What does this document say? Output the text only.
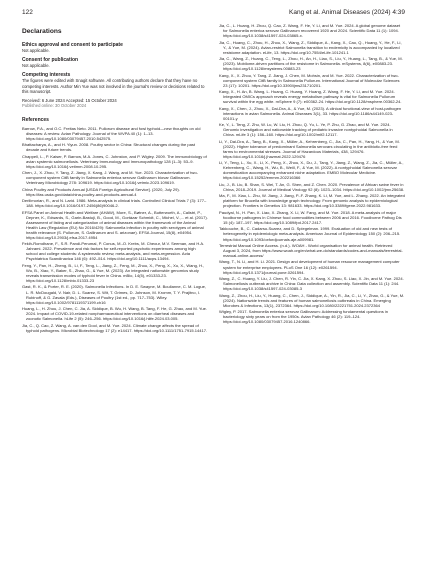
122	Kang et al. Animal Diseases (2024) 4:39
Declarations
Ethics approval and consent to participate
Not applicable.
Consent for publication
Not applicable.
Competing interests
The figures were edited with Snagit software. All contributing authors declare that they have no competing interests. Author Min Yue was not involved in the journal's review or decisions related to this manuscript.
Received: 6 June 2024 Accepted: 15 October 2024
Published online: 30 October 2024
References
Barrow, P.A., and O.C. Freitas Neto. 2011. Pullorum disease and fowl typhoid—new thoughts on old diseases: A review. Avian Pathology: Journal of the WVPA 40 (1): 1–13. https://doi.org/10.1080/03079457.2010.542575.
Bhattacharya, A., and H. Yiyun. 2008. Poultry sector in China: Structural changes during the past decade and future trends.
Chappell, L., P. Kaiser, P. Barrow, M.A. Jones, C. Johnston, and P. Wigley. 2009. The immunobiology of avian systemic salmonellosis. Veterinary Immunology and Immunopathology 128 (1–3): 53–9. https://doi.org/10.1016/j.vetimm.2008.10.295.
Chen, J., X. Zhou, Y. Tang, Z. Jiang, X. Kang, J. Wang, and M. Yue. 2023. Characterization of two-component system CitB family in Salmonella enterica serovar Gallinarum biovar Gallinarum. Veterinary Microbiology 278: 109619. https://doi.org/10.1016/j.vetmic.2023.109619.
China Poultry and Products Annual [USDA Foreign Agricultural Service]. (2020, July 29). https://fas.usda.gov/data/china-poultry-and-products-annual-4
Derilimorian, R., and N. Larid. 1986. Meta-analysis in clinical trials. Controlled Clinical Trials 7 (3): 177–188. https://doi.org/10.1016/0197-2456(86)90046-2.
EFSA Panel on Animal Health and Welfare (AHAW), More, S., Bøtner, A., Butterworth, A., Calistri, P., Depner, K., Edwards, S., Garin-Bastuji, B., Good, M., Gortázar Schmidt, C., Michel, V.,... et al. (2017). Assessment of listing and categorization of animal diseases within the framework of the Animal Health Law (Regulation (EU) No 2016/429): Salmonella infection in poultry with serotypes of animal health relevance (S. Pullorum, S. Gallinarum and S. arizonae). EFSA Journal, 15(8), e04954. https://doi.org/10.2903/j.efsa.2017.4954
Fekih-Romdhane, F., S.R. Pandi-Perumal, P. Conus, M.-O. Krebs, M. Cheour, M.V. Seeman, and H.A. Jahrami. 2022. Prevalence and risk factors for self-reported psychotic experiences among high school and college students: A systematic review, meta-analysis, and meta-regression. Acta Psychiatrica Scandinavica 146 (6): 492–514. https://doi.org/10.1111/acps.13494.
Feng, Y., Pan, H., Zheng, B., Li, F., Teng, L., Jiang, Z., Feng, M., Zhou, X., Peng, X., Xu, X., Wang, H., Wu, B., Xiao, Y., Baker, S., Zhao, G., & Yue, M. (2023). An integrated nationwide genomics study reveals transmission modes of typhoid fever in China. mBio, 14(5), e01333-23. https://doi.org/10.1128/mbio.01333-23
Gast, R. K., & Porter, R. E. (2020). Salmonella Infections. In D. E. Swayne, M. Boulianne, C. M. Logue, L. R. McDougald, V. Nair, D. L. Suarez, S. Wit, T. Grimes, D. Johnson, M. Kromm, T. Y. Prajitno, I. Rubinoff, & G. Zavala (Eds.), Diseases of Poultry (1st ed., pp. 717–753). Wiley. https://doi.org/10.1002/9781119371199.ch16
Huang, L., H. Zhou, J. Chen, C. Jia, A. Siddique, B. Wu, H. Wang, B. Tang, F. He, G. Zhao, and M. Yue. 2024. Impact of COVID-19-related nonpharmaceutical interventions on diarrheal diseases and zoonotic Salmonella. hLife 2 (5): 246–256. https://doi.org/10.1016/j.hlife.2024.03.005.
Jia, C., Q. Cao, Z. Wang, A. van den Dool, and M. Yue. 2024. Climate change affects the spread of typhoid pathogens. Microbial Biotechnology 17 (2): e14417. https://doi.org/10.1111/1751-7915.14417.
Jia, C., L. Huang, H. Zhou, Q. Cao, Z. Wang, F. He, Y. Li, and M. Yue. 2024. A global genome dataset for Salmonella enterica serovar Gallinarum recovered 1920 and 2024. Scientific Data 11 (1): 1094. https://doi.org/10.1038/s41597-024-03865-x.
Jia, C., Huang, C., Zhou, H., Zhou, X., Wang, Z., Siddique, A., Kang, X., Cao, Q., Huang, Y., He, F., Li, Y., & Yue, M. (2024). Avian-restrict Salmonella transition to endemicity is accompanied by localized resistome adaptation. eLife, 13. https://doi.org/10.7554/eLife.101241.1
Jia, C., Wang, Z., Huang, C., Teng, L., Zhou, H., An, H., Liao, S., Liu, Y., Huang, L., Tang, B., & Yue, M. (2023). Mobilome-driven partitions of the resistome in Salmonella. mSystems, 8(6), e00883-23. https://doi.org/10.1128/msystems.00883-23
Kang, X., X. Zhou, Y. Tang, Z. Jiang, J. Chen, M. Mohsin, and M. Yue. 2022. Characterization of two-component system CitB family in Salmonella Pullorum. International Journal of Molecular Sciences 23 (17): 10201. https://doi.org/10.3390/ijms231710201.
Kang, X., H. An, B. Wang, L. Huang, C. Huang, Y. Huang, Z. Wang, F. He, Y. Li, and M. Yue. 2024. Integrated OMICs approach reveals energy metabolism pathway is vital for Salmonella Pullorum survival within the egg white. mSphere 9 (7): e00362-24. https://doi.org/10.1128/msphere.00362-24.
Kang, X., Chen, J., Zhou, X., Dai-Dra, A., & Yue, M. (2023). A clinical functional-view of host-pathogen interactions in avian Salmonella. Animal Diseases 3(1), 33. https://doi.org/10.1186/s44149-023-00101-y
Ke, Y., L. Teng, Z. Zhu, W. Lu, W. Liu, H. Zhou, Q. Yu, L. Ye, P. Zhu, G. Zhao, and M. Yue. 2024. Genomic investigation and nationwide tracking of pediatric invasive nontyphoidal Salmonella in China. mLife 3 (1): 156–160. https://doi.org/10.1002/mlf2.12117.
Li, Y., Dai-Dra, A., Tang, B., Kang, X., Müller, A., Kehrenberg, C., Jia, C., Pan, H., Yang, H., & Yue, M. (2022). Higher tolerance of predominant Salmonella serovars circulating in the antibiotic-free feed farms to environmental stresses. Journal of Hazardous Materials, 438, 129476. https://doi.org/10.1016/j.jhazmat.2022.129476
Li, Y., Teng, L., Xu, X., Li, X., Peng, X., Zhou, X., Du, J., Tang, Y., Jiang, Z., Wang, Z., Jia, C., Müller, A., Kehrenberg, C., Wang, H., Wu, B., Weill, F., & Yue, M. (2022). A nontyphoidal Salmonella serovar domestication accompanying enhanced niche adaptation. EMBO Molecular Medicine. https://doi.org/10.15252/emmm.202216366
Liu, J., B. Liu, B. Shan, S. Wei, T. An, G. Shen, and Z. Chen. 2020. Prevalence of African swine fever in China, 2018–2019. Journal of Medical Virology 92 (8): 1023–1034. https://doi.org/10.1002/jmv.25638.
Ma, F., M. Xiao, L. Zhu, W. Jiang, J. Jiang, P.-F. Zhang, K. Li, M. Yue, and L. Zhang. 2022. An integrated platform for Brucella with knowledge graph technology: From genomic analysis to epidemiological projection. Frontiers in Genetics 13: 981633. https://doi.org/10.3389/fgene.2022.981633.
Paudyal, N., H. Pan, X. Liao, X. Zhang, X. Li, W. Fang, and M. Yue. 2018. A meta-analysis of major foodborne pathogens in Chinese food commodities between 2006 and 2016. Foodborne Pathog Dis 15 (4): 187–197. https://doi.org/10.1089/fpd.2017.2417.
Takkouche, B., C. Cadarso-Suarez, and D. Spiegelman. 1999. Evaluation of old and new tests of heterogeneity in epidemiologic meta-analysis. American Journal of Epidemiology 150 (2): 206–215. https://doi.org/10.1093/oxfordjournals.aje.a009981.
Terrestrial Manual Online Access. (n.d.). WOAH - World organisation for animal health. Retrieved August 3, 2024, from https://www.woah.org/en/what-we-do/standards/codes-and-manuals/terrestrial-manual-online-access/
Wang, T., N. Li, and H. Li. 2021. Design and development of human resource management computer system for enterprise employees. PLoS One 16 (12): e0261594. https://doi.org/10.1371/journal.pone.0261594.
Wang, Z., C. Huang, Y. Liu, J. Chen, R. Yin, C. Jia, X. Kang, X. Zhou, S. Liao, X. Jin, and M. Yue. 2024. Salmonellosis outbreak archive in China: Data collection and assembly. Scientific Data 11 (1): 244. https://doi.org/10.1038/s41597-024-03085-3
Wang, Z., Zhou, H., Liu, Y., Huang, C., Chen, J., Siddique, A., Yin, R., Jia, C., Li, Y., Zhao, G., & Yue, M. (2024). Nationwide trends and features of human salmonellosis outbreaks in China. Emerging Microbes & Infections, 13(1), 2372364. https://doi.org/10.1080/22221751.2024.2372364
Wigley, P. 2017. Salmonella enterica serovar Gallinarum: Addressing fundamental questions in bacteriology sixty years on from the 1950s. Avian Pathology 46 (2): 119–124. https://doi.org/10.1080/03079457.2016.1240866.
